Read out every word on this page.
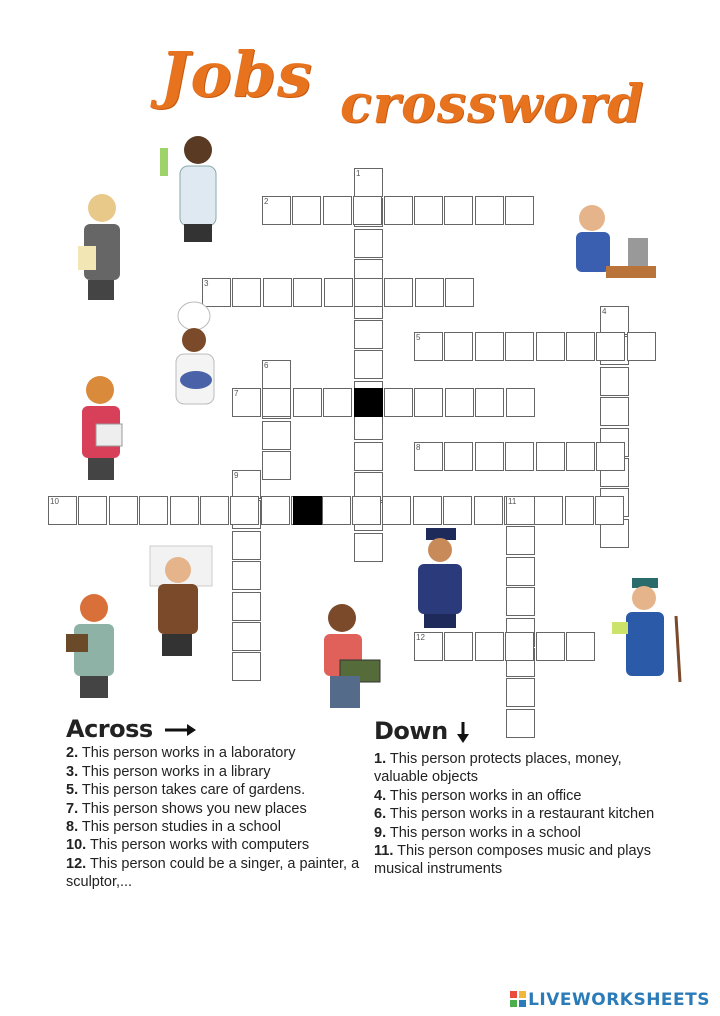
Jobs crossword
1
2
3
4
5
6
7
8
9
10	11
12
Across

2. This person works in a laboratory

3. This person works in a library

5. This person takes care of gardens.

7. This person shows you new places

8. This person studies in a school

10. This person works with computers

12. This person could be a singer, a painter, a sculptor,...

Down

1. This person protects places, money, valuable objects

4. This person works in an office

6. This person works in a restaurant kitchen

9. This person works in a school

11. This person composes music and plays musical instruments

LIVEWORKSHEETS
